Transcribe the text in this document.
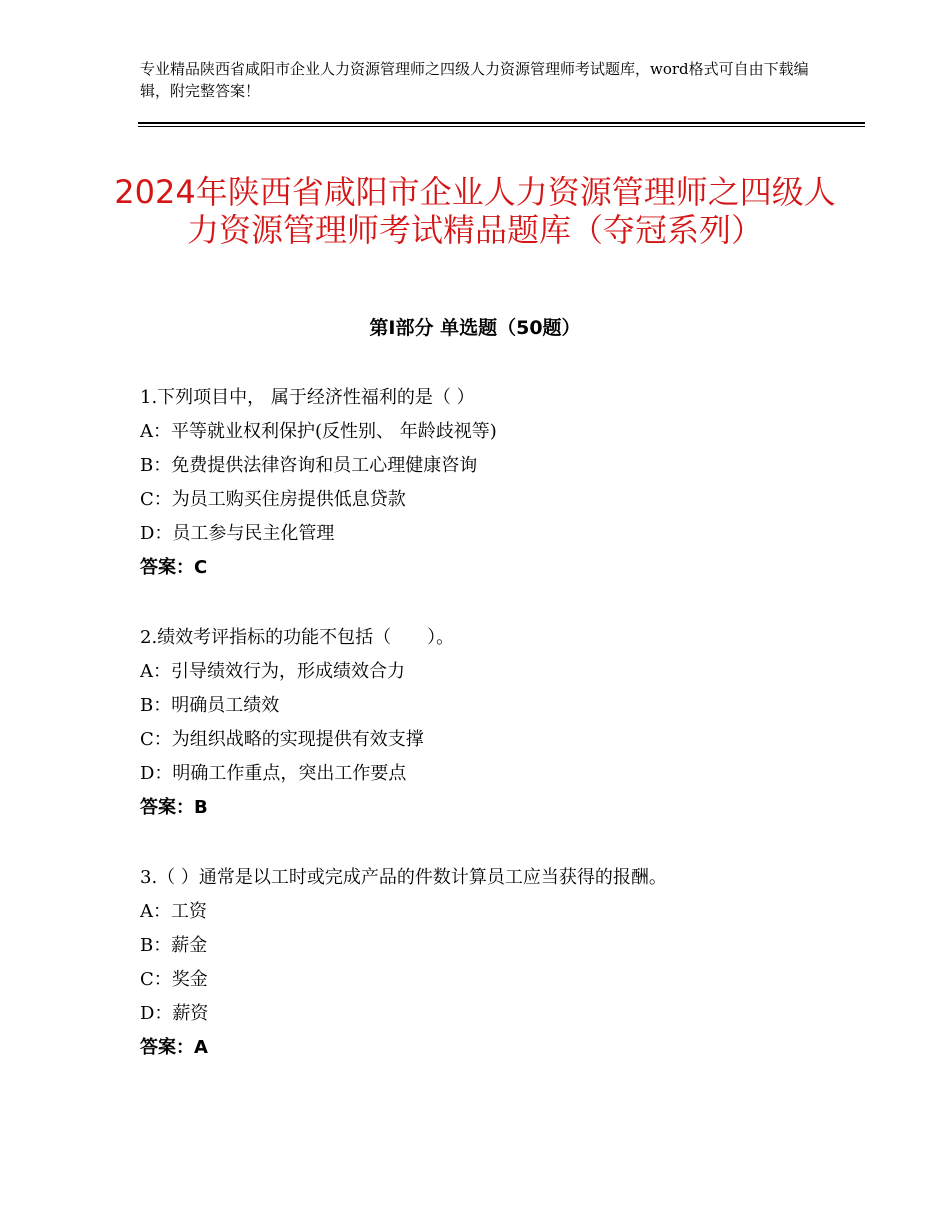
专业精品陕西省咸阳市企业人力资源管理师之四级人力资源管理师考试题库，word格式可自由下载编辑，附完整答案！
2024年陕西省咸阳市企业人力资源管理师之四级人力资源管理师考试精品题库（夺冠系列）
第Ⅰ部分 单选题（50题）
1.下列项目中， 属于经济性福利的是（ ）
A：平等就业权利保护(反性别、 年龄歧视等)
B：免费提供法律咨询和员工心理健康咨询
C：为员工购买住房提供低息贷款
D：员工参与民主化管理
答案：C
2.绩效考评指标的功能不包括（　　）。
A：引导绩效行为，形成绩效合力
B：明确员工绩效
C：为组织战略的实现提供有效支撑
D：明确工作重点，突出工作要点
答案：B
3.（ ）通常是以工时或完成产品的件数计算员工应当获得的报酬。
A：工资
B：薪金
C：奖金
D：薪资
答案：A
